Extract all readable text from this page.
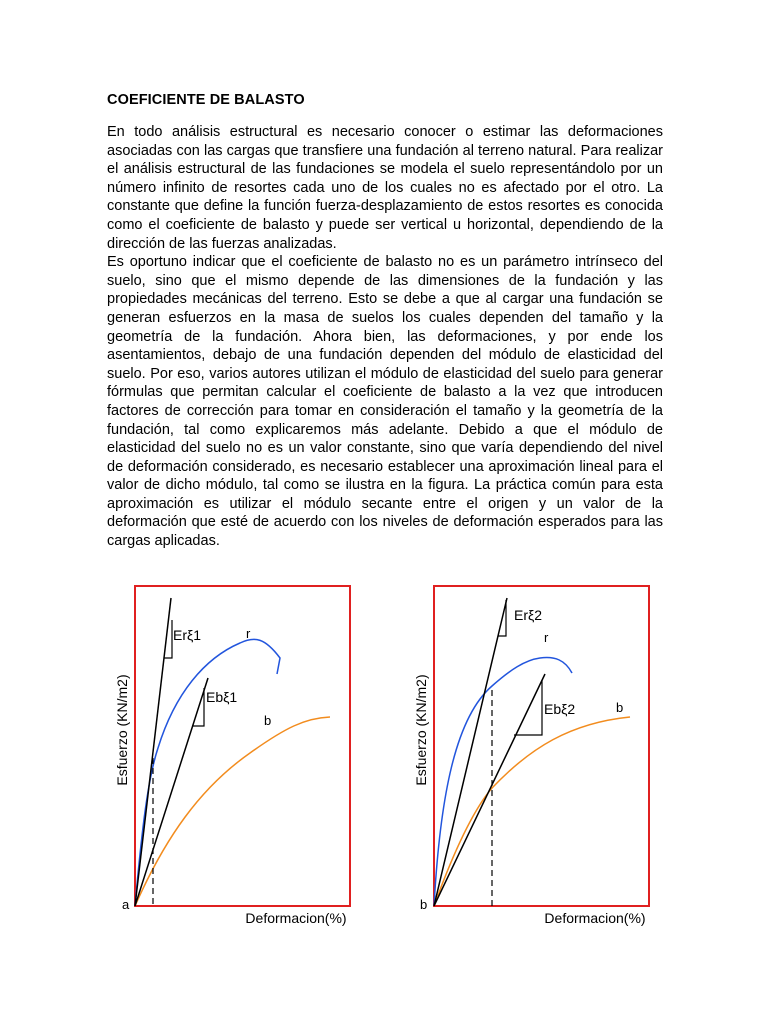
COEFICIENTE DE BALASTO

En todo análisis estructural es necesario conocer o estimar las deformaciones asociadas con las cargas que transfiere una fundación al terreno natural. Para realizar el análisis estructural de las fundaciones se modela el suelo representándolo por un número infinito de resortes cada uno de los cuales no es afectado por el otro. La constante que define la función fuerza-desplazamiento de estos resortes es conocida como el coeficiente de balasto y puede ser vertical u horizontal, dependiendo de la dirección de las fuerzas analizadas.

Es oportuno indicar que el coeficiente de balasto no es un parámetro intrínseco del suelo, sino que el mismo depende de las dimensiones de la fundación y las propiedades mecánicas del terreno. Esto se debe a que al cargar una fundación se generan esfuerzos en la masa de suelos los cuales dependen del tamaño y la geometría de la fundación. Ahora bien, las deformaciones, y por ende los asentamientos, debajo de una fundación dependen del módulo de elasticidad del suelo. Por eso, varios autores utilizan el módulo de elasticidad del suelo para generar fórmulas que permitan calcular el coeficiente de balasto a la vez que introducen factores de corrección para tomar en consideración el tamaño y la geometría de la fundación, tal como explicaremos más adelante. Debido a que el módulo de elasticidad del suelo no es un valor constante, sino que varía dependiendo del nivel de deformación considerado, es necesario establecer una aproximación lineal para el valor de dicho módulo, tal como se ilustra en la figura. La práctica común para esta aproximación es utilizar el módulo secante entre el origen y un valor de la deformación que esté de acuerdo con los niveles de deformación esperados para las cargas aplicadas.

Esfuerzo (KN/m2)
Deformacion(%)
a
Erξ1
Ebξ1
r
b	Esfuerzo (KN/m2)
Deformacion(%)
b
Erξ2
Ebξ2
r
b
